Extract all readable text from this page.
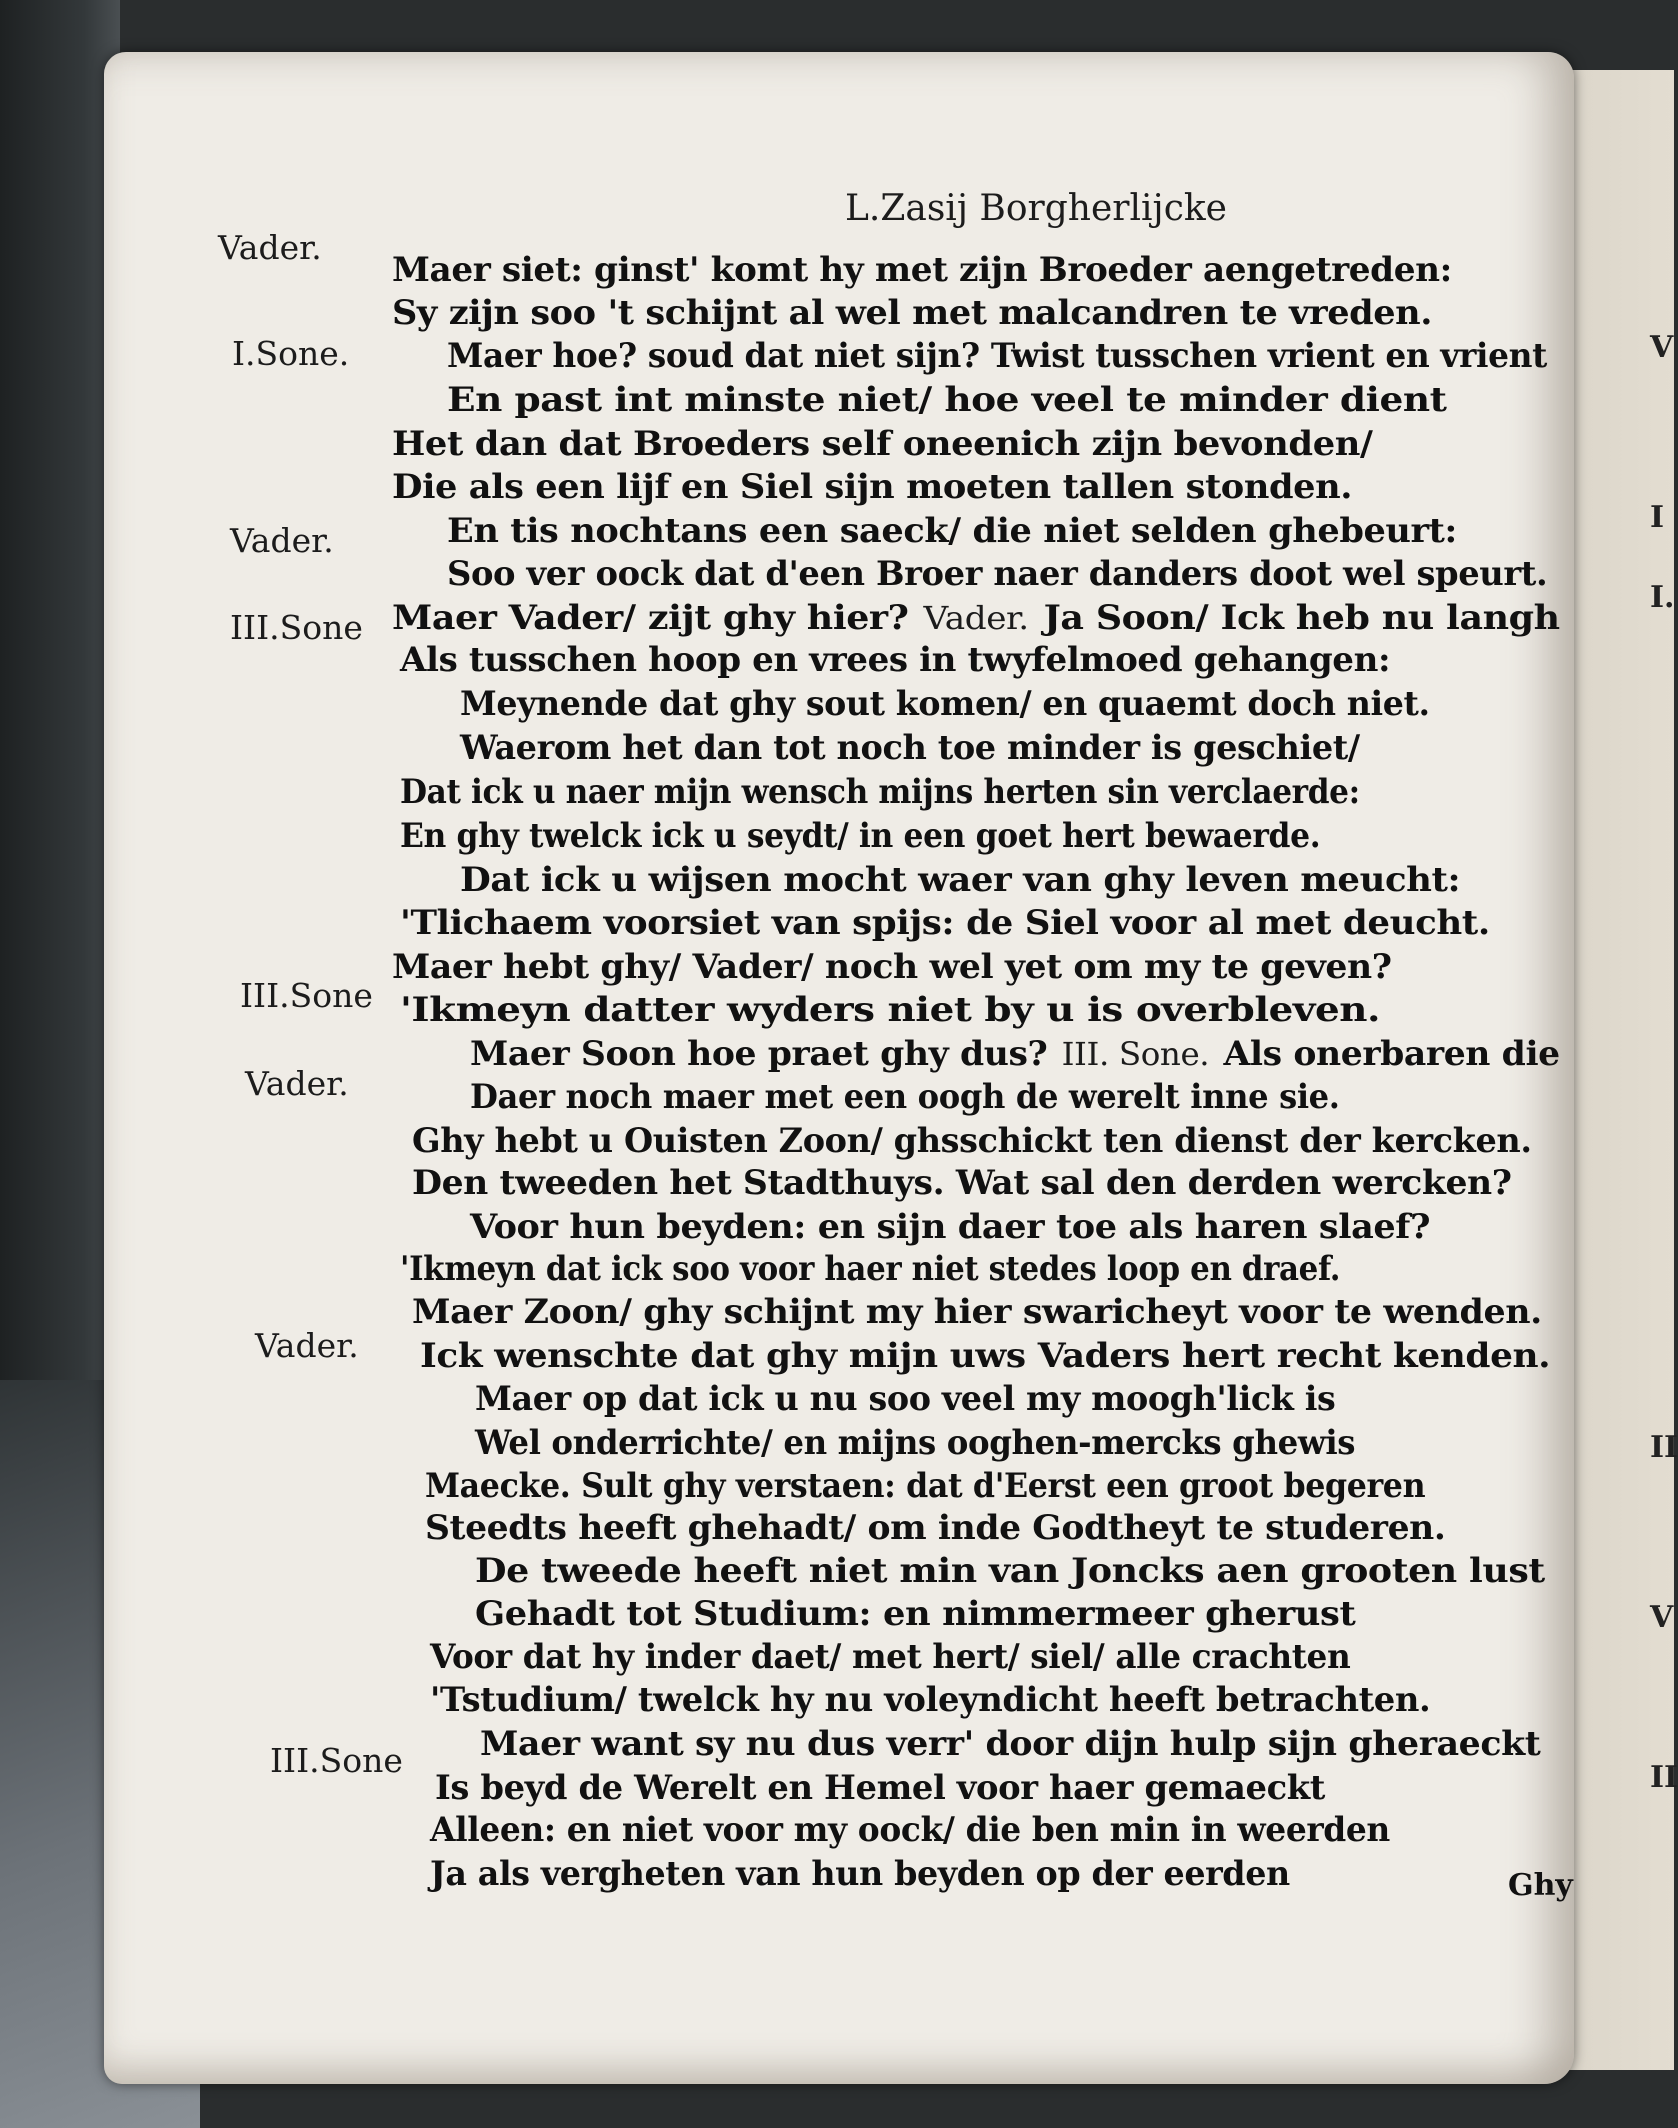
L.Zasij Borgherlijcke
Vader.
Maer siet: ginst' komt hy met zijn Broeder aengetreden:
Sy zijn soo 't schijnt al wel met malcandren te vreden.
I.Sone.	Maer hoe? soud dat niet sijn? Twist tusschen vrient en vrient
En past int minste niet/ hoe veel te minder dient
Het dan dat Broeders self oneenich zijn bevonden/
Die als een lijf en Siel sijn moeten tallen stonden.
Vader.	En tis nochtans een saeck/ die niet selden ghebeurt:
Soo ver oock dat d'een Broer naer danders doot wel speurt.
III.Sone Maer Vader/ zijt ghy hier? Vader. Ja Soon/ Ick heb nu langh
Als tusschen hoop en vrees in twyfelmoed gehangen:
Meynende dat ghy sout komen/ en quaemt doch niet.
Waerom het dan tot noch toe minder is geschiet/
Dat ick u naer mijn wensch mijns herten sin verclaerde:
En ghy twelck ick u seydt/ in een goet hert bewaerde.
Dat ick u wijsen mocht waer van ghy leven meucht:
'Tlichaem voorsiet van spijs: de Siel voor al met deucht.
III.Sone
Maer hebt ghy/ Vader/ noch wel yet om my te geven?
'Ikmeyn datter wyders niet by u is overbleven.
Vader.
Maer Soon hoe praet ghy dus? III. Sone. Als onerbaren die
Daer noch maer met een oogh de werelt inne sie.
Ghy hebt u Ouisten Zoon/ ghsschickt ten dienst der kercken.
Den tweeden het Stadthuys. Wat sal den derden wercken?
Voor hun beyden: en sijn daer toe als haren slaef?
'Ikmeyn dat ick soo voor haer niet stedes loop en draef.
Vader.
Maer Zoon/ ghy schijnt my hier swaricheyt voor te wenden.
Ick wenschte dat ghy mijn uws Vaders hert recht kenden.
Maer op dat ick u nu soo veel my moogh'lick is
Wel onderrichte/ en mijns ooghen-mercks ghewis
Maecke. Sult ghy verstaen: dat d'Eerst een groot begeren
Steedts heeft ghehadt/ om inde Godtheyt te studeren.
De tweede heeft niet min van Joncks aen grooten lust
Gehadt tot Studium: en nimmermeer gherust
Voor dat hy inder daet/ met hert/ siel/ alle crachten
'Tstudium/ twelck hy nu voleyndicht heeft betrachten.
III.Sone Maer want sy nu dus verr' door dijn hulp sijn gheraeckt
Is beyd de Werelt en Hemel voor haer gemaeckt
Alleen: en niet voor my oock/ die ben min in weerden
Ja als vergheten van hun beyden op der eerden	Ghy
V
I
I.
II
V
II
